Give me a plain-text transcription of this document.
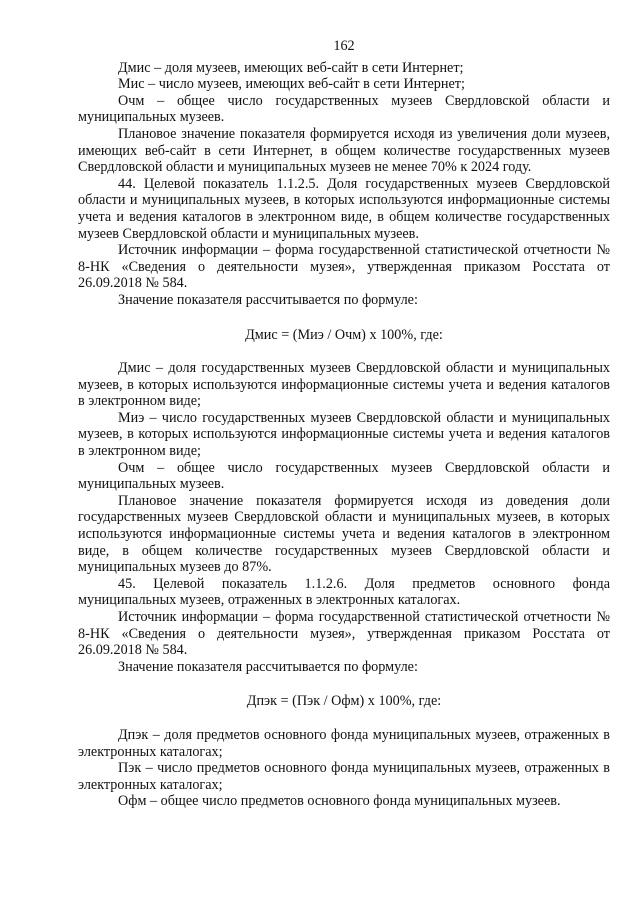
162

Дмис – доля музеев, имеющих веб-сайт в сети Интернет;

Мис – число музеев, имеющих веб-сайт в сети Интернет;

Очм – общее число государственных музеев Свердловской области и муниципальных музеев.

Плановое значение показателя формируется исходя из увеличения доли музеев, имеющих веб-сайт в сети Интернет, в общем количестве государственных музеев Свердловской области и муниципальных музеев не менее 70% к 2024 году.

44. Целевой показатель 1.1.2.5. Доля государственных музеев Свердловской области и муниципальных музеев, в которых используются информационные системы учета и ведения каталогов в электронном виде, в общем количестве государственных музеев Свердловской области и муниципальных музеев.

Источник информации – форма государственной статистической отчетности № 8-НК «Сведения о деятельности музея», утвержденная приказом Росстата от 26.09.2018 № 584.

Значение показателя рассчитывается по формуле:

Дмис = (Миэ / Очм) x 100%, где:

Дмис – доля государственных музеев Свердловской области и муниципальных музеев, в которых используются информационные системы учета и ведения каталогов в электронном виде;

Миэ – число государственных музеев Свердловской области и муниципальных музеев, в которых используются информационные системы учета и ведения каталогов в электронном виде;

Очм – общее число государственных музеев Свердловской области и муниципальных музеев.

Плановое значение показателя формируется исходя из доведения доли государственных музеев Свердловской области и муниципальных музеев, в которых используются информационные системы учета и ведения каталогов в электронном виде, в общем количестве государственных музеев Свердловской области и муниципальных музеев до 87%.

45. Целевой показатель 1.1.2.6. Доля предметов основного фонда муниципальных музеев, отраженных в электронных каталогах.

Источник информации – форма государственной статистической отчетности № 8-НК «Сведения о деятельности музея», утвержденная приказом Росстата от 26.09.2018 № 584.

Значение показателя рассчитывается по формуле:

Дпэк = (Пэк / Офм) x 100%, где:

Дпэк – доля предметов основного фонда муниципальных музеев, отраженных в электронных каталогах;

Пэк – число предметов основного фонда муниципальных музеев, отраженных в электронных каталогах;

Офм – общее число предметов основного фонда муниципальных музеев.
